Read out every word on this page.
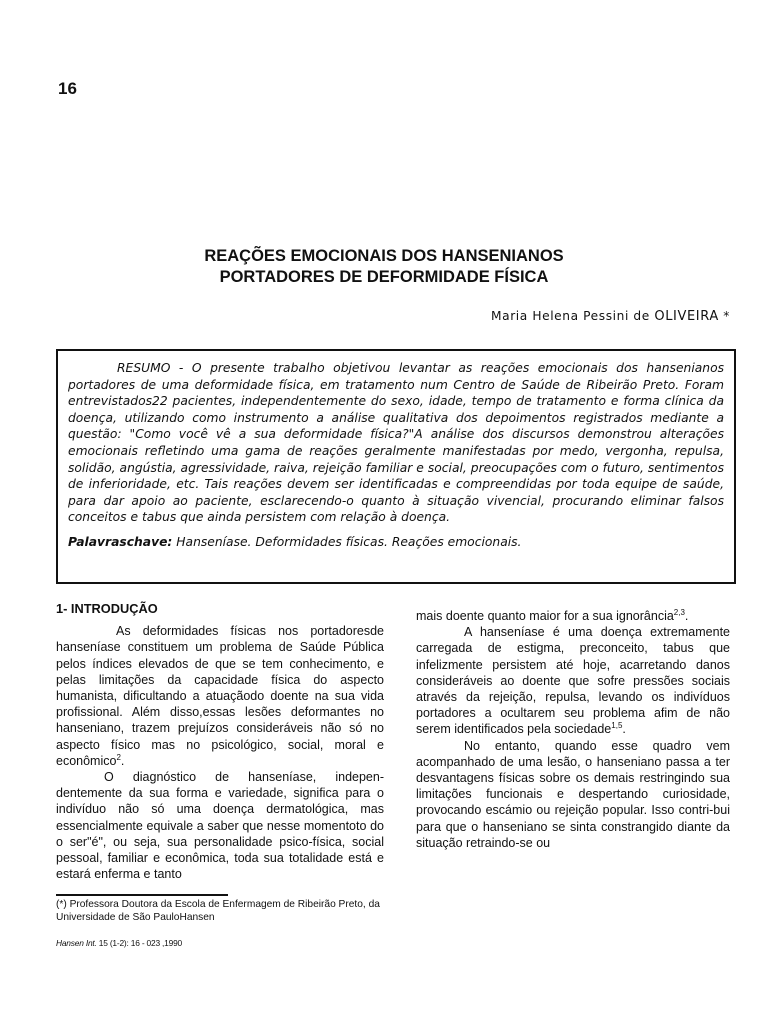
16
REAÇÕES EMOCIONAIS DOS HANSENIANOS
PORTADORES DE DEFORMIDADE FÍSICA

Maria Helena Pessini de OLIVEIRA *

RESUMO - O presente trabalho objetivou levantar as reações emocionais dos hansenianos portadores de uma deformidade física, em tratamento num Centro de Saúde de Ribeirão Preto. Foram entrevistados22 pacientes, independentemente do sexo, idade, tempo de tratamento e forma clínica da doença, utilizando como instrumento a análise qualitativa dos depoimentos registrados mediante a questão: "Como você vê a sua deformidade física?"A análise dos discursos demonstrou alterações emocionais refletindo uma gama de reações geralmente manifestadas por medo, vergonha, repulsa, solidão, angústia, agressividade, raiva, rejeição familiar e social, preocupações com o futuro, sentimentos de inferioridade, etc. Tais reações devem ser identificadas e compreendidas por toda equipe de saúde, para dar apoio ao paciente, esclarecendo-o quanto à situação vivencial, procurando eliminar falsos conceitos e tabus que ainda persistem com relação à doença.

Palavraschave: Hanseníase. Deformidades físicas. Reações emocionais.

1- INTRODUÇÃO

As deformidades físicas nos portadoresde hanseníase constituem um problema de Saúde Pública pelos índices elevados de que se tem conhecimento, e pelas limitações da capacidade física do aspecto humanista, dificultando a atuaçãodo doente na sua vida profissional. Além disso,essas lesões deformantes no hanseniano, trazem prejuízos consideráveis não só no aspecto físico mas no psicológico, social, moral e econômico$^2$.

O diagnóstico de hanseníase, indepen-dentemente da sua forma e variedade, significa para o indivíduo não só uma doença dermatológica, mas essencialmente equivale a saber que nesse momentoto do o ser"é", ou seja, sua personalidade psico-física, social pessoal, familiar e econômica, toda sua totalidade está e estará enferma e tanto

mais doente quanto maior for a sua ignorância$^{2,3}$.

A hanseníase é uma doença extremamente carregada de estigma, preconceito, tabus que infelizmente persistem até hoje, acarretando danos consideráveis ao doente que sofre pressões sociais através da rejeição, repulsa, levando os indivíduos portadores a ocultarem seu problema afim de não serem identificados pela sociedade$^{1,5}$.

No entanto, quando esse quadro vem acompanhado de uma lesão, o hanseniano passa a ter desvantagens físicas sobre os demais restringindo sua limitações funcionais e despertando curiosidade, provocando escámio ou rejeição popular. Isso contri-bui para que o hanseniano se sinta constrangido diante da situação retraindo-se ou

(*) Professora Doutora da Escola de Enfermagem de Ribeirão Preto, da Universidade de São PauloHansen

Hansen Int. 15 (1-2): 16 - 023 ,1990
